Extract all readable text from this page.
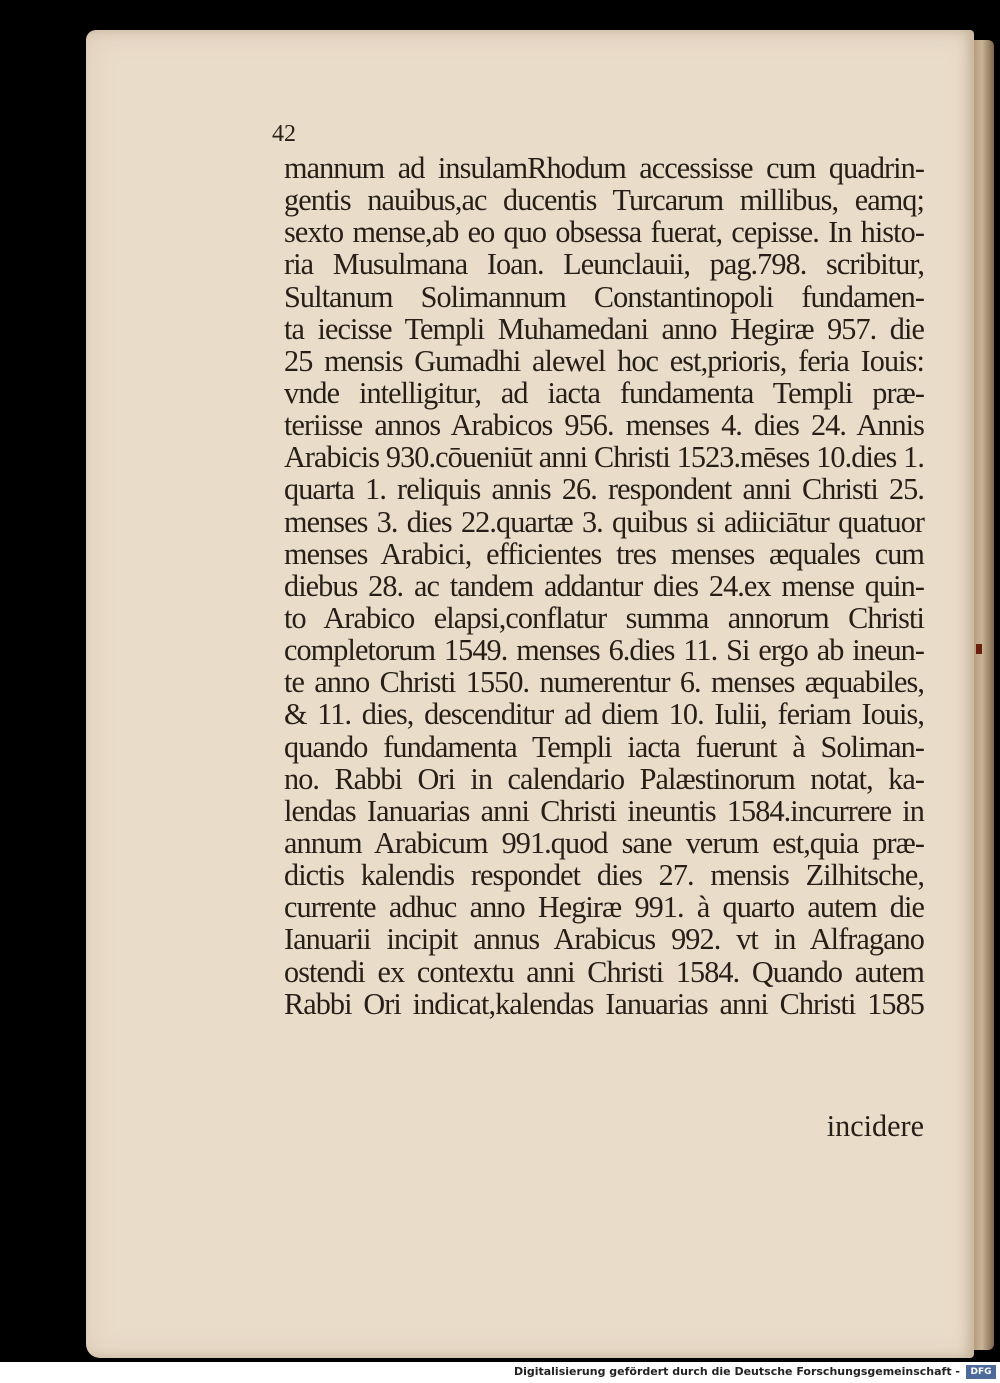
42
mannum ad insulamRhodum accessisse cum quadrin-
gentis nauibus,ac ducentis Turcarum millibus, eamq;
sexto mense,ab eo quo obsessa fuerat, cepisse. In histo-
ria Musulmana Ioan. Leunclauii, pag.798. scribitur,
Sultanum Solimannum Constantinopoli fundamen-
ta iecisse Templi Muhamedani anno Hegiræ 957. die
25 mensis Gumadhi alewel hoc est,prioris, feria Iouis:
vnde intelligitur, ad iacta fundamenta Templi præ-
teriisse annos Arabicos 956. menses 4. dies 24. Annis
Arabicis 930.cōueniūt anni Christi 1523.mēses 10.dies 1.
quarta 1. reliquis annis 26. respondent anni Christi 25.
menses 3. dies 22.quartæ 3. quibus si adiiciātur quatuor
menses Arabici, efficientes tres menses æquales cum
diebus 28. ac tandem addantur dies 24.ex mense quin-
to Arabico elapsi,conflatur summa annorum Christi
completorum 1549. menses 6.dies 11. Si ergo ab ineun-
te anno Christi 1550. numerentur 6. menses æquabiles,
& 11. dies, descenditur ad diem 10. Iulii, feriam Iouis,
quando fundamenta Templi iacta fuerunt à Soliman-
no. Rabbi Ori in calendario Palæstinorum notat, ka-
lendas Ianuarias anni Christi ineuntis 1584.incurrere in
annum Arabicum 991.quod sane verum est,quia præ-
dictis kalendis respondet dies 27. mensis Zilhitsche,
currente adhuc anno Hegiræ 991. à quarto autem die
Ianuarii incipit annus Arabicus 992. vt in Alfragano
ostendi ex contextu anni Christi 1584. Quando autem
Rabbi Ori indicat,kalendas Ianuarias anni Christi 1585
incidere
Digitalisierung gefördert durch die Deutsche Forschungsgemeinschaft -	DFG
